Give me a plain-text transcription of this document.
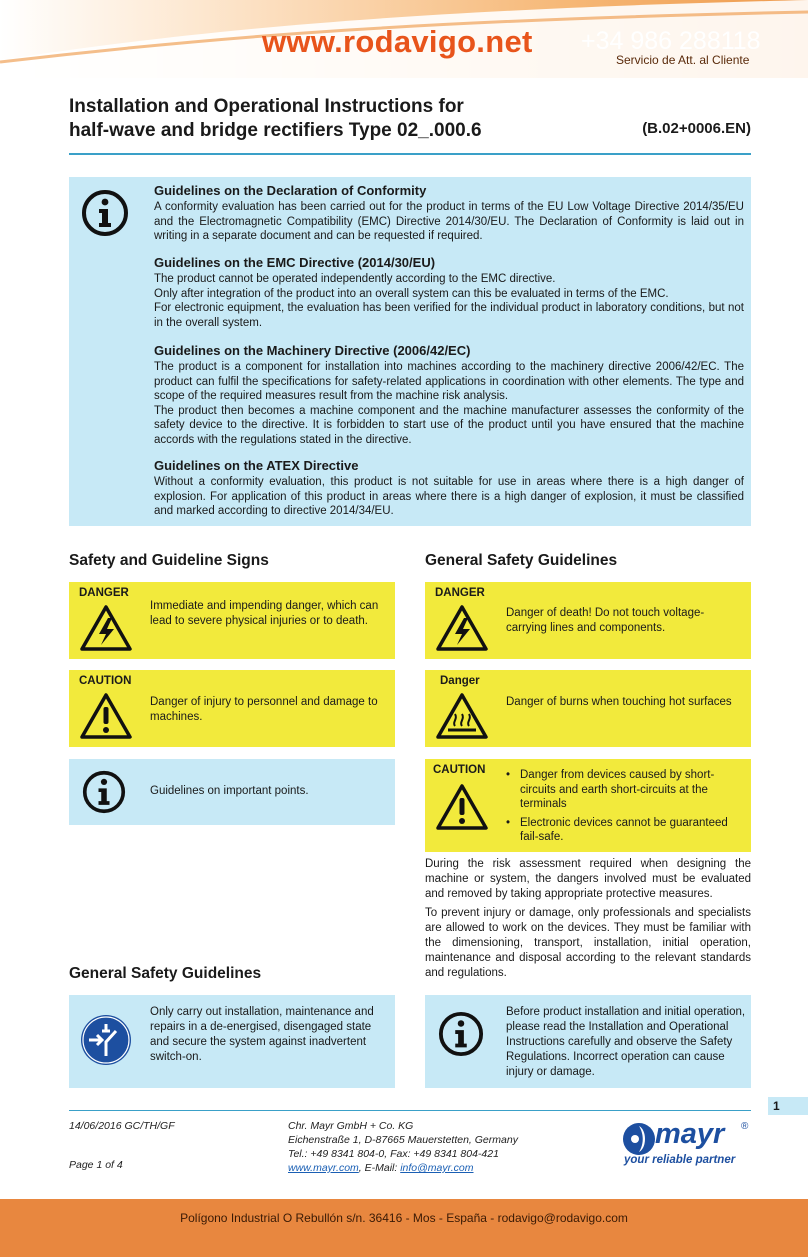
www.rodavigo.net +34 986 288118
Servicio de Att. al Cliente
Installation and Operational Instructions for
half-wave and bridge rectifiers Type 02_.000.6	(B.02+0006.EN)
Guidelines on the Declaration of Conformity

A conformity evaluation has been carried out for the product in terms of the EU Low Voltage Directive 2014/35/EU and the Electromagnetic Compatibility (EMC) Directive 2014/30/EU. The Declaration of Conformity is laid out in writing in a separate document and can be requested if required.

Guidelines on the EMC Directive (2014/30/EU)

The product cannot be operated independently according to the EMC directive.
Only after integration of the product into an overall system can this be evaluated in terms of the EMC.
For electronic equipment, the evaluation has been verified for the individual product in laboratory conditions, but not in the overall system.

Guidelines on the Machinery Directive (2006/42/EC)

The product is a component for installation into machines according to the machinery directive 2006/42/EC. The product can fulfil the specifications for safety-related applications in coordination with other elements. The type and scope of the required measures result from the machine risk analysis.
The product then becomes a machine component and the machine manufacturer assesses the conformity of the safety device to the directive. It is forbidden to start use of the product until you have ensured that the machine accords with the regulations stated in the directive.

Guidelines on the ATEX Directive

Without a conformity evaluation, this product is not suitable for use in areas where there is a high danger of explosion. For application of this product in areas where there is a high danger of explosion, it must be classified and marked according to directive 2014/34/EU.

Safety and Guideline Signs
DANGER
Immediate and impending danger, which can lead to severe physical injuries or to death.
CAUTION
Danger of injury to personnel and damage to machines.
Guidelines on important points.
General Safety Guidelines
Only carry out installation, maintenance and repairs in a de-energised, disengaged state and secure the system against inadvertent switch-on.
General Safety Guidelines
DANGER
Danger of death! Do not touch voltage-carrying lines and components.
Danger
Danger of burns when touching hot surfaces
CAUTION
•	Danger from devices caused by short-circuits and earth short-circuits at the terminals
• Electronic devices cannot be guaranteed fail-safe.
During the risk assessment required when designing the machine or system, the dangers involved must be evaluated and removed by taking appropriate protective measures.
To prevent injury or damage, only professionals and specialists are allowed to work on the devices. They must be familiar with the dimensioning, transport, installation, initial operation, maintenance and disposal according to the relevant standards and regulations.
Before product installation and initial operation, please read the Installation and Operational Instructions carefully and observe the Safety Regulations. Incorrect operation can cause injury or damage.
1
14/06/2016 GC/TH/GF
Page 1 of 4
Chr. Mayr GmbH + Co. KG
Eichenstraße 1, D-87665 Mauerstetten, Germany
Tel.: +49 8341 804-0, Fax: +49 8341 804-421
www.mayr.com, E-Mail: info@mayr.com
mayr ®
your reliable partner
Polígono Industrial O Rebullón s/n. 36416 - Mos - España - rodavigo@rodavigo.com
